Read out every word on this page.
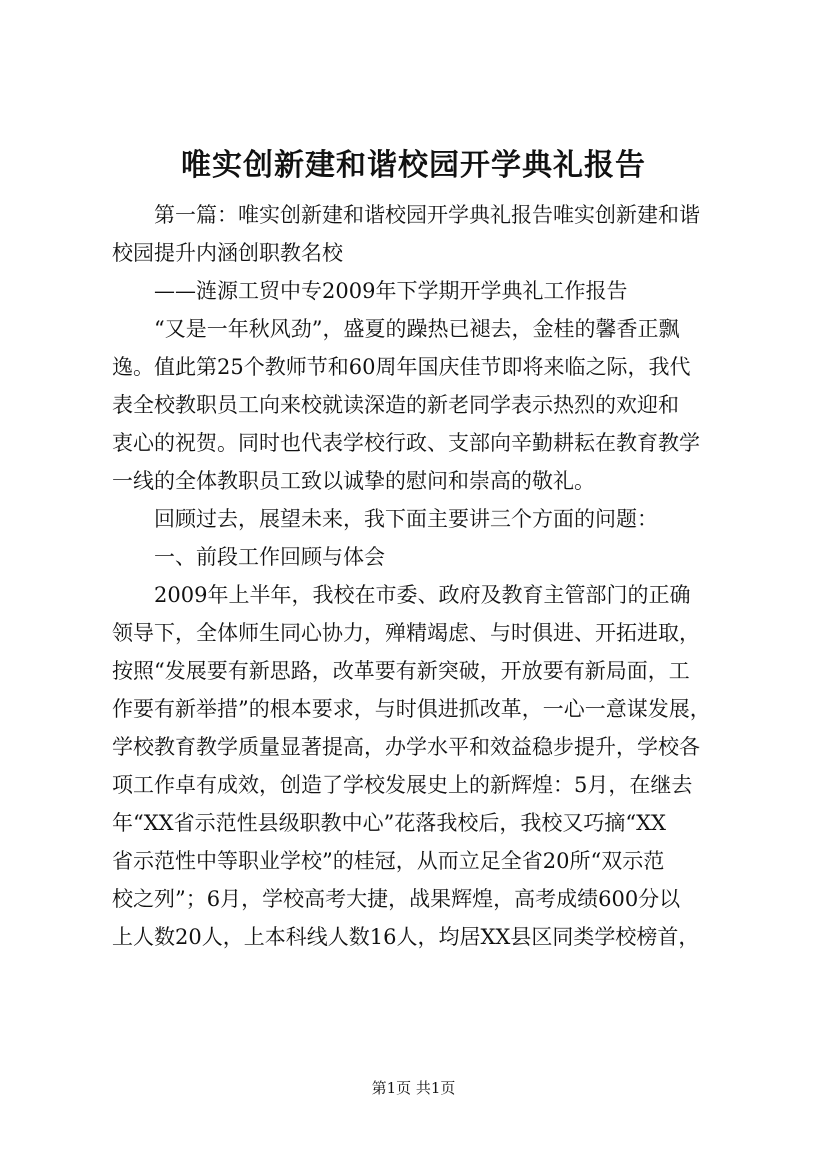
唯实创新建和谐校园开学典礼报告
第一篇：唯实创新建和谐校园开学典礼报告唯实创新建和谐
校园提升内涵创职教名校
——涟源工贸中专2009年下学期开学典礼工作报告
“又是一年秋风劲”，盛夏的躁热已褪去，金桂的馨香正飘
逸。值此第25个教师节和60周年国庆佳节即将来临之际，我代
表全校教职员工向来校就读深造的新老同学表示热烈的欢迎和
衷心的祝贺。同时也代表学校行政、支部向辛勤耕耘在教育教学
一线的全体教职员工致以诚挚的慰问和崇高的敬礼。
回顾过去，展望未来，我下面主要讲三个方面的问题：
一、前段工作回顾与体会
2009年上半年，我校在市委、政府及教育主管部门的正确
领导下，全体师生同心协力，殚精竭虑、与时俱进、开拓进取，
按照“发展要有新思路，改革要有新突破，开放要有新局面，工
作要有新举措”的根本要求，与时俱进抓改革，一心一意谋发展，
学校教育教学质量显著提高，办学水平和效益稳步提升，学校各
项工作卓有成效，创造了学校发展史上的新辉煌：5月，在继去
年“XX省示范性县级职教中心”花落我校后，我校又巧摘“XX
省示范性中等职业学校”的桂冠，从而立足全省20所“双示范
校之列”；6月，学校高考大捷，战果辉煌，高考成绩600分以
上人数20人，上本科线人数16人，均居XX县区同类学校榜首，
第1页 共1页
